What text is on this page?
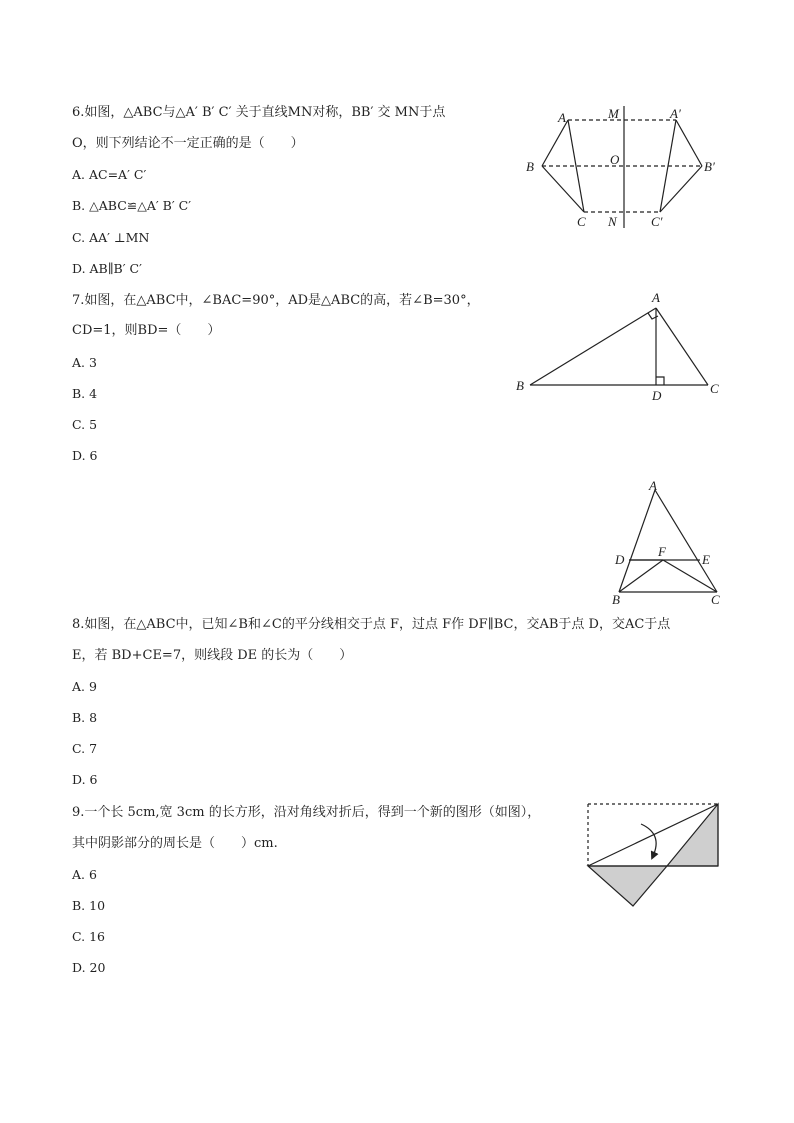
6.如图，△ABC与△A′ B′ C′ 关于直线MN对称，BB′ 交 MN于点
O，则下列结论不一定正确的是（　　）
A. AC=A′ C′
B. △ABC≌△A′ B′ C′
C. AA′ ⊥MN
D. AB∥B′ C′
A	M	A′
B	O	B′
C N	C′
7.如图，在△ABC中，∠BAC=90°，AD是△ABC的高，若∠B=30°，
CD=1，则BD=（　　）
A. 3
B. 4
C. 5
D. 6
A
B
D	C
A
D
F
E
B	C
8.如图，在△ABC中，已知∠B和∠C的平分线相交于点 F，过点 F作 DF∥BC，交AB于点 D，交AC于点
E，若 BD+CE=7，则线段 DE 的长为（　　）
A. 9
B. 8
C. 7
D. 6
9.一个长 5cm,宽 3cm 的长方形，沿对角线对折后，得到一个新的图形（如图），
其中阴影部分的周长是（　　）cm.
A. 6
B. 10
C. 16
D. 20
